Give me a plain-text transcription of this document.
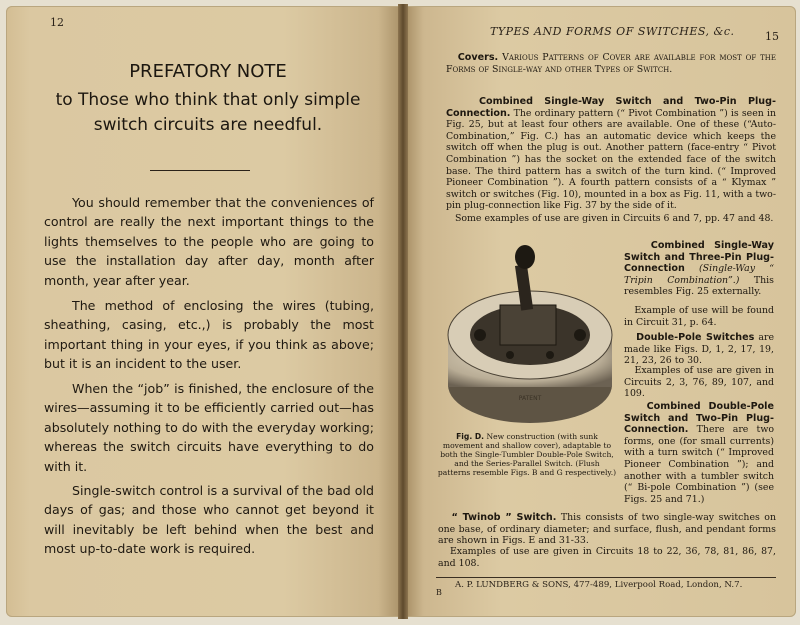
12
PREFATORY NOTE
to Those who think that only simple switch circuits are needful.

You should remember that the conveniences of control are really the next important things to the lights themselves to the people who are going to use the installation day after day, month after month, year after year.

The method of enclosing the wires (tubing, sheathing, casing, etc.,) is probably the most important thing in your eyes, if you think as above; but it is an incident to the user.

When the “job” is finished, the enclosure of the wires—assuming it to be efficiently carried out—has absolutely nothing to do with the everyday working; whereas the switch circuits have everything to do with it.

Single-switch control is a survival of the bad old days of gas; and those who cannot get beyond it will inevitably be left behind when the best and most up-to-date work is required.

TYPES AND FORMS OF SWITCHES, &c.	15

Covers. Various Patterns of Cover are available for most of the Forms of Single-way and other Types of Switch.

Combined Single-Way Switch and Two-Pin Plug-Connection. The ordinary pattern (“ Pivot Combination ”) is seen in Fig. 25, but at least four others are available. One of these (“Auto-Combination,” Fig. C.) has an automatic device which keeps the switch off when the plug is out. Another pattern (face-entry “ Pivot Combination ”) has the socket on the extended face of the switch base. The third pattern has a switch of the turn kind. (“ Improved Pioneer Combination ”). A fourth pattern consists of a “ Klymax ” switch or switches (Fig. 10), mounted in a box as Fig. 11, with a two-pin plug-connection like Fig. 37 by the side of it.

Some examples of use are given in Circuits 6 and 7, pp. 47 and 48.

Combined Single-Way Switch and Three-Pin Plug-Connection (Single-Way “ Tripin Combination”.) This resembles Fig. 25 externally.

Example of use will be found in Circuit 31, p. 64.

Double-Pole Switches are made like Figs. D, 1, 2, 17, 19, 21, 23, 26 to 30.

Examples of use are given in Circuits 2, 3, 76, 89, 107, and 109.

Combined Double-Pole Switch and Two-Pin Plug-Connection. There are two forms, one (for small currents) with a turn switch (“ Improved Pioneer Combination ”); and another with a tumbler switch (“ Bi-pole Combination ”) (see Figs. 25 and 71.)

PATENT

Fig. D. New construction (with sunk movement and shallow cover), adaptable to both the Single-Tumbler Double-Pole Switch, and the Series-Parallel Switch. (Flush patterns resemble Figs. B and G respectively.)

“ Twinob ” Switch. This consists of two single-way switches on one base, of ordinary diameter; and surface, flush, and pendant forms are shown in Figs. E and 31-33.

Examples of use are given in Circuits 18 to 22, 36, 78, 81, 86, 87, and 108.

A. P. LUNDBERG & SONS, 477-489, Liverpool Road, London, N.7.
B
